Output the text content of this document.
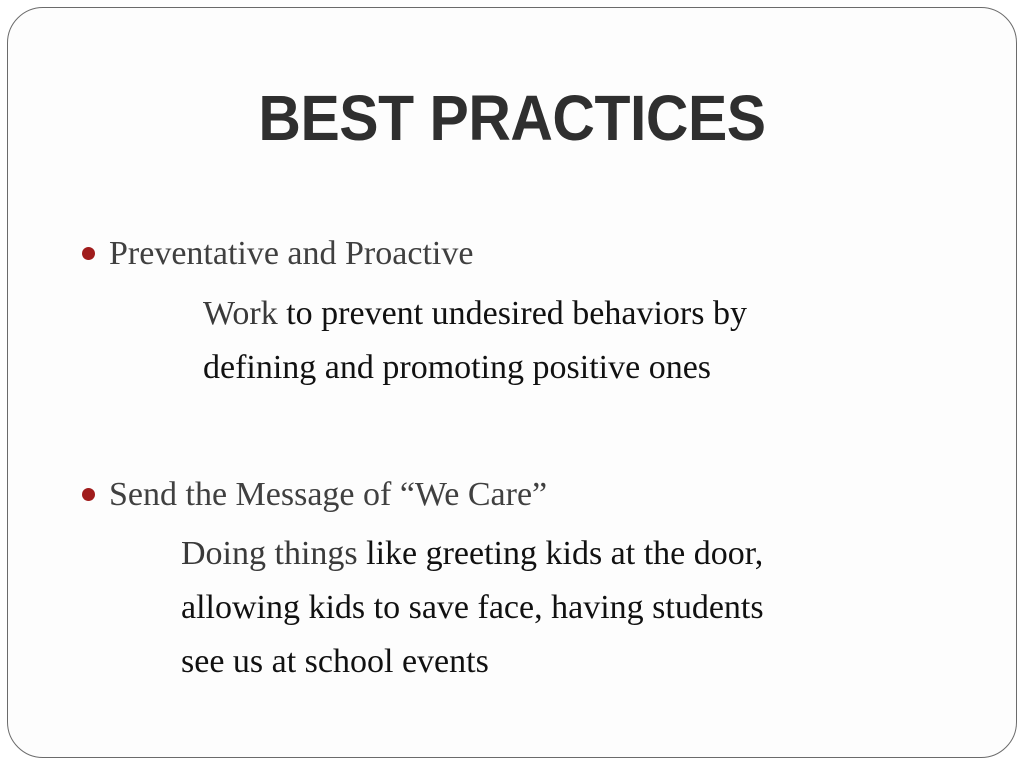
BEST PRACTICES
Preventative and Proactive
Work to prevent undesired behaviors by
defining and promoting positive ones
Send the Message of “We Care”
Doing things like greeting kids at the door,
allowing kids to save face, having students
see us at school events
